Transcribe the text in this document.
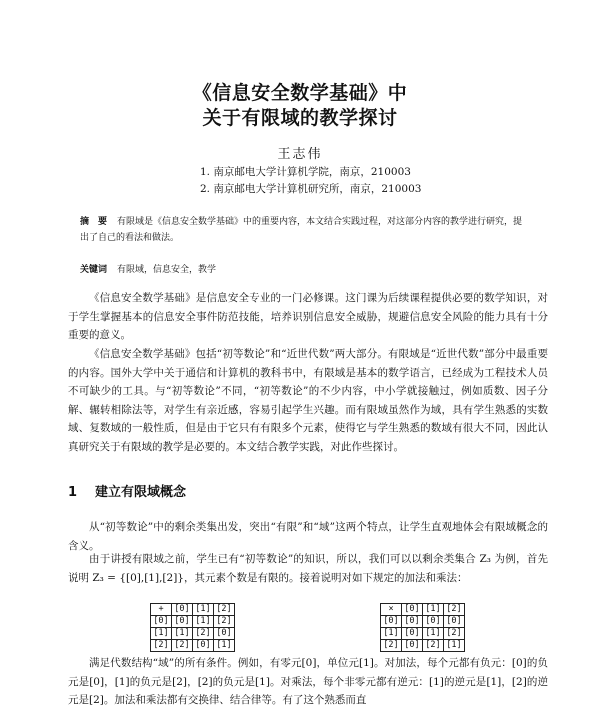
《信息安全数学基础》中
关于有限域的教学探讨
王志伟
1. 南京邮电大学计算机学院，南京，210003
2. 南京邮电大学计算机研究所，南京，210003
摘　要 有限域是《信息安全数学基础》中的重要内容，本文结合实践过程，对这部分内容的教学进行研究，提出了自己的看法和做法。
关键词 有限域，信息安全，教学
《信息安全数学基础》是信息安全专业的一门必修课。这门课为后续课程提供必要的数学知识，对于学生掌握基本的信息安全事件防范技能，培养识别信息安全威胁，规避信息安全风险的能力具有十分重要的意义。
《信息安全数学基础》包括“初等数论”和“近世代数”两大部分。有限域是“近世代数”部分中最重要的内容。国外大学中关于通信和计算机的教科书中，有限域是基本的数学语言，已经成为工程技术人员不可缺少的工具。与“初等数论”不同，“初等数论”的不少内容，中小学就接触过，例如质数、因子分解、辗转相除法等，对学生有亲近感，容易引起学生兴趣。而有限域虽然作为域，具有学生熟悉的实数域、复数域的一般性质，但是由于它只有有限多个元素，使得它与学生熟悉的数域有很大不同，因此认真研究关于有限域的教学是必要的。本文结合教学实践，对此作些探讨。
1 建立有限域概念
从“初等数论”中的剩余类集出发，突出“有限”和“域”这两个特点，让学生直观地体会有限域概念的含义。
由于讲授有限域之前，学生已有“初等数论”的知识，所以，我们可以以剩余类集合 Z₃ 为例，首先说明 Z₃ = {[0],[1],[2]}，其元素个数是有限的。接着说明对如下规定的加法和乘法：
+	[0]	[1]	[2]
[0]	[0]	[1]	[2]
[1]	[1]	[2]	[0]
[2]	[2]	[0]	[1]
×	[0]	[1]	[2]
[0]	[0]	[0]	[0]
[1]	[0]	[1]	[2]
[2]	[0]	[2]	[1]
满足代数结构“域”的所有条件。例如，有零元[0]，单位元[1]。对加法，每个元都有负元：[0]的负元是[0]，[1]的负元是[2]，[2]的负元是[1]。对乘法，每个非零元都有逆元：[1]的逆元是[1]，[2]的逆元是[2]。加法和乘法都有交换律、结合律等。有了这个熟悉而直
